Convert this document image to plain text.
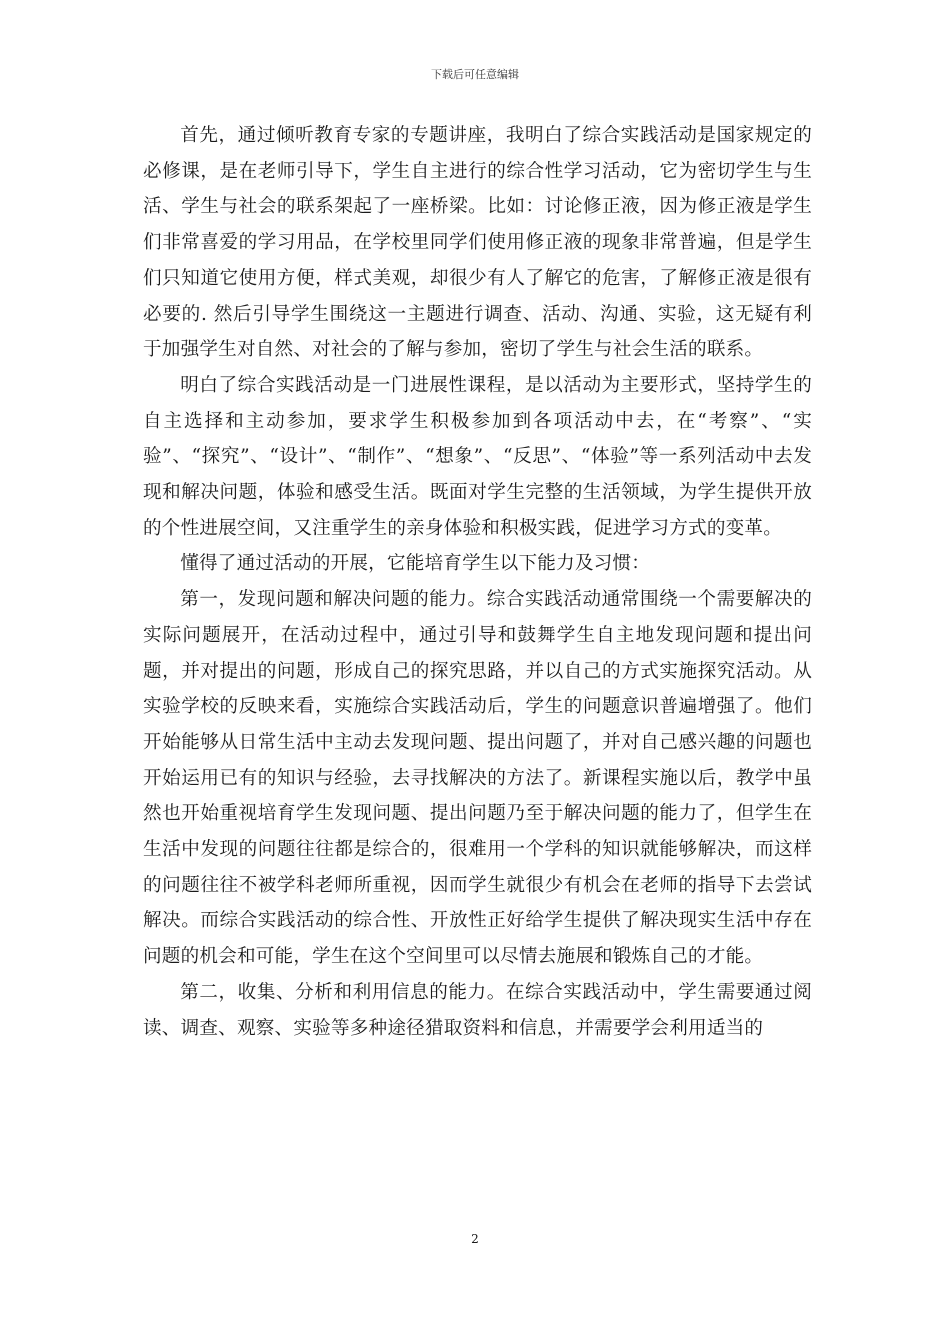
下载后可任意编辑

首先，通过倾听教育专家的专题讲座，我明白了综合实践活动是国家规定的必修课，是在老师引导下，学生自主进行的综合性学习活动，它为密切学生与生活、学生与社会的联系架起了一座桥梁。比如：讨论修正液，因为修正液是学生们非常喜爱的学习用品，在学校里同学们使用修正液的现象非常普遍，但是学生们只知道它使用方便，样式美观，却很少有人了解它的危害，了解修正液是很有必要的. 然后引导学生围绕这一主题进行调查、活动、沟通、实验，这无疑有利于加强学生对自然、对社会的了解与参加，密切了学生与社会生活的联系。

明白了综合实践活动是一门进展性课程，是以活动为主要形式，坚持学生的自主选择和主动参加，要求学生积极参加到各项活动中去，在“考察”、“实验”、“探究”、“设计”、“制作”、“想象”、“反思”、“体验”等一系列活动中去发现和解决问题，体验和感受生活。既面对学生完整的生活领域，为学生提供开放的个性进展空间，又注重学生的亲身体验和积极实践，促进学习方式的变革。

懂得了通过活动的开展，它能培育学生以下能力及习惯：

第一，发现问题和解决问题的能力。综合实践活动通常围绕一个需要解决的实际问题展开，在活动过程中，通过引导和鼓舞学生自主地发现问题和提出问题，并对提出的问题，形成自己的探究思路，并以自己的方式实施探究活动。从实验学校的反映来看，实施综合实践活动后，学生的问题意识普遍增强了。他们开始能够从日常生活中主动去发现问题、提出问题了，并对自己感兴趣的问题也开始运用已有的知识与经验，去寻找解决的方法了。新课程实施以后，教学中虽然也开始重视培育学生发现问题、提出问题乃至于解决问题的能力了，但学生在生活中发现的问题往往都是综合的，很难用一个学科的知识就能够解决，而这样的问题往往不被学科老师所重视，因而学生就很少有机会在老师的指导下去尝试解决。而综合实践活动的综合性、开放性正好给学生提供了解决现实生活中存在问题的机会和可能，学生在这个空间里可以尽情去施展和锻炼自己的才能。

第二，收集、分析和利用信息的能力。在综合实践活动中，学生需要通过阅读、调查、观察、实验等多种途径猎取资料和信息，并需要学会利用适当的

2
